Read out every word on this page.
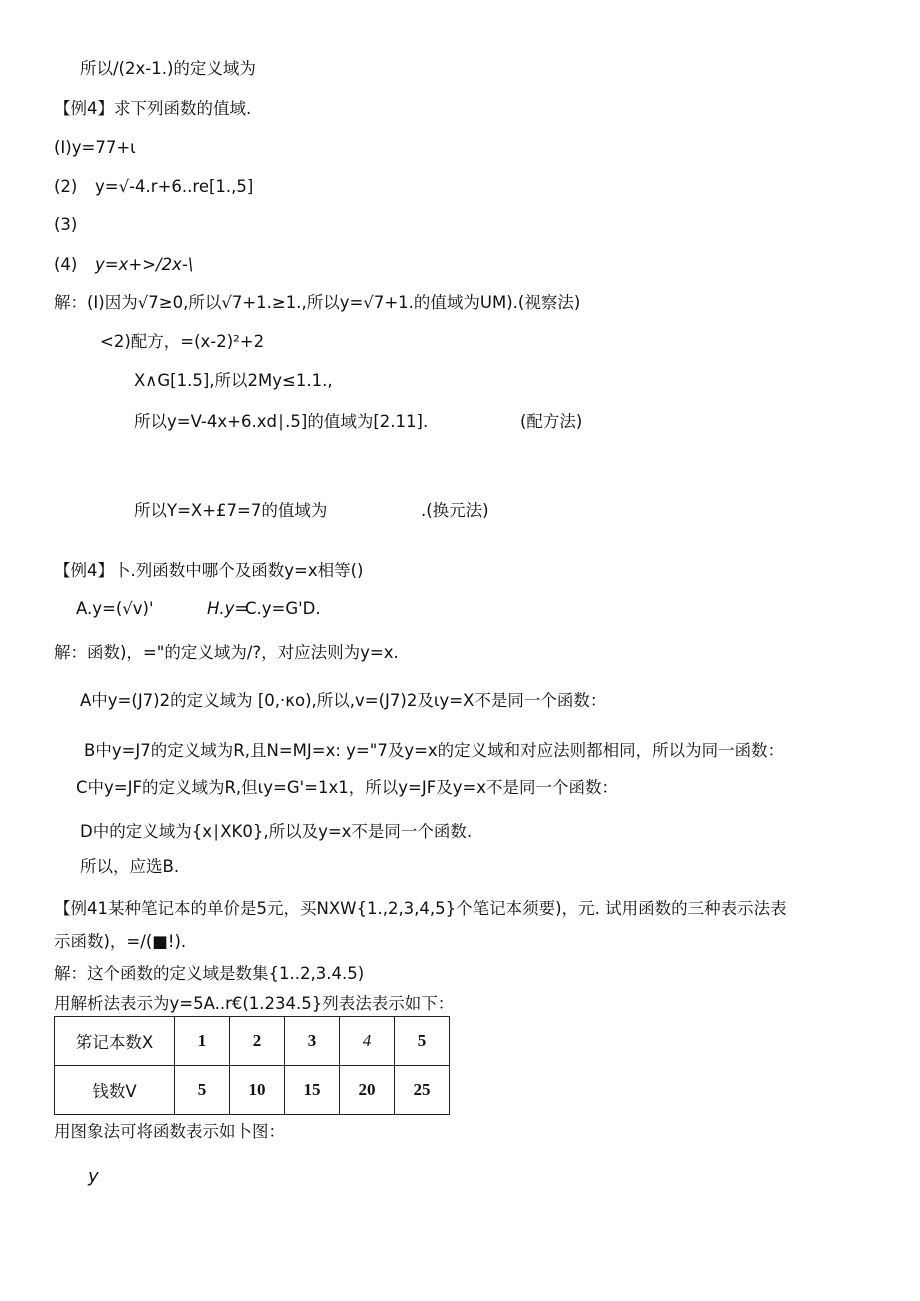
所以/(2x-1.)的定义域为
【例4】求下列函数的值域.
(I)y=77+ι
(2) y=√-4.r+6..re[1.,5]
(3)
(4) y=x+>/2x-\
解：(I)因为√7≥0,所以√7+1.≥1.,所以y=√7+1.的值域为UM).(视察法)
<2)配方，=(x-2)²+2
X∧G[1.5],所以2My≤1.1.,
所以y=V-4x+6.xd∣.5]的值域为[2.11].	(配方法)
所以Y=X+£7=7的值域为	.(换元法)
【例4】卜.列函数中哪个及函数y=x相等()
A.y=(√v)'	H.y=
C.y=G'D.
解：函数)，="的定义域为/?，对应法则为y=x.
A中y=(J7)2的定义域为 [0,·κo),所以,v=(J7)2及ιy=X不是同一个函数：
B中y=J7的定义域为R,且N=MJ=x: y="7及y=x的定义域和对应法则都相同，所以为同一函数：
C中y=JF的定义域为R,但ιy=G'=1x1，所以y=JF及y=x不是同一个函数：
D中的定义域为{x∣XK0},所以及y=x不是同一个函数.
所以，应选B.
【例41某种笔记本的单价是5元，买NXW{1.,2,3,4,5}个笔记本须要)，元. 试用函数的三种表示法表
示函数)，=/(■!).
解：这个函数的定义域是数集{1..2,3.4.5)
用解析法表示为y=5A..r€(1.234.5}列表法表示如下：
笫记本数X	1	2	3	4	5
钱数V	5	10	15	20	25
用图象法可将函数表示如卜图：
y
